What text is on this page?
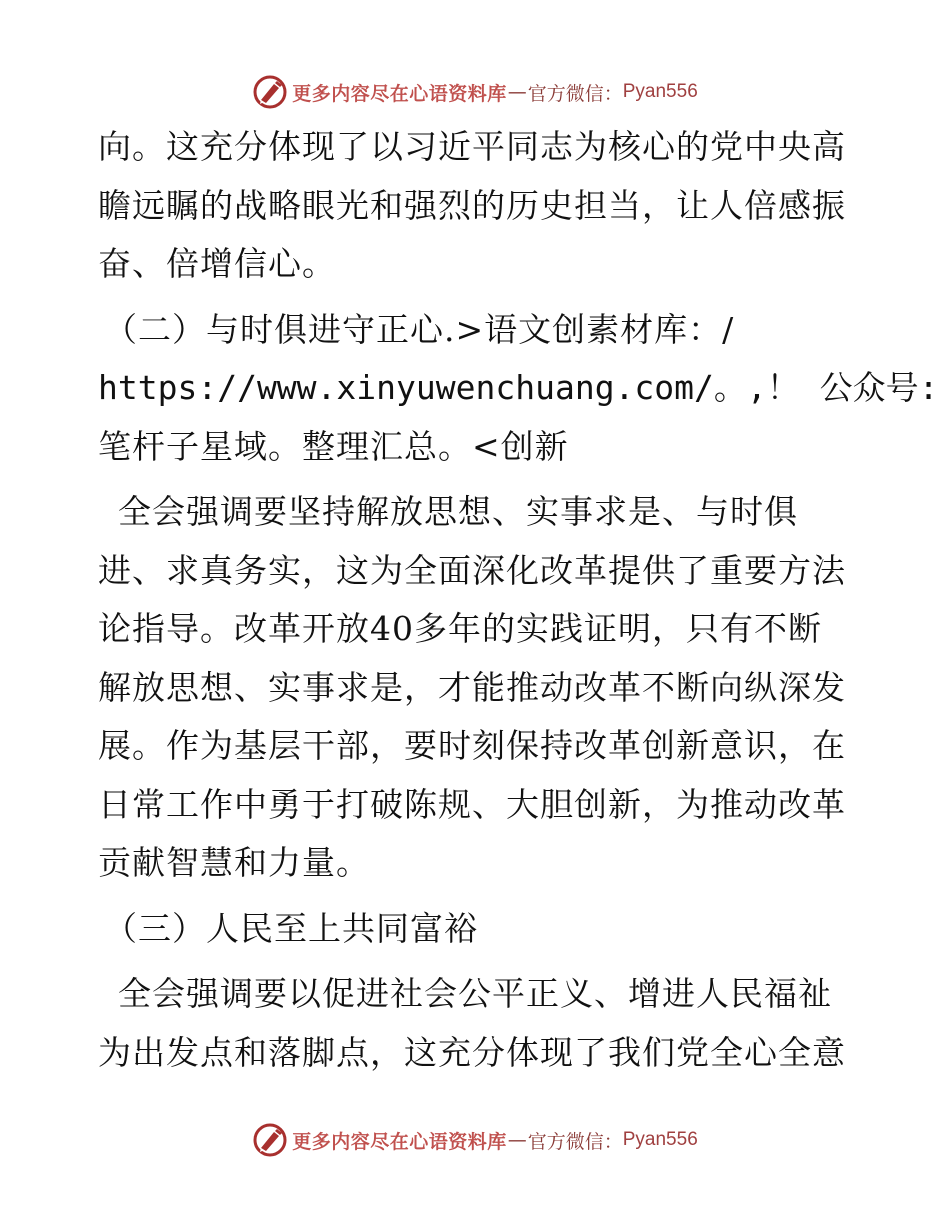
更多内容尽在心语资料库 — 官方微信： Pyan556
向。这充分体现了以习近平同志为核心的党中央高
瞻远瞩的战略眼光和强烈的历史担当，让人倍感振
奋、倍增信心。
（二）与时俱进守正心.>语文创素材库：/
https://www.xinyuwenchuang.com/。,！ 公众号:
笔杆子星域。整理汇总。<创新
全会强调要坚持解放思想、实事求是、与时俱
进、求真务实，这为全面深化改革提供了重要方法
论指导。改革开放40多年的实践证明，只有不断
解放思想、实事求是，才能推动改革不断向纵深发
展。作为基层干部，要时刻保持改革创新意识，在
日常工作中勇于打破陈规、大胆创新，为推动改革
贡献智慧和力量。
（三）人民至上共同富裕
全会强调要以促进社会公平正义、增进人民福祉
为出发点和落脚点，这充分体现了我们党全心全意
更多内容尽在心语资料库 — 官方微信： Pyan556
